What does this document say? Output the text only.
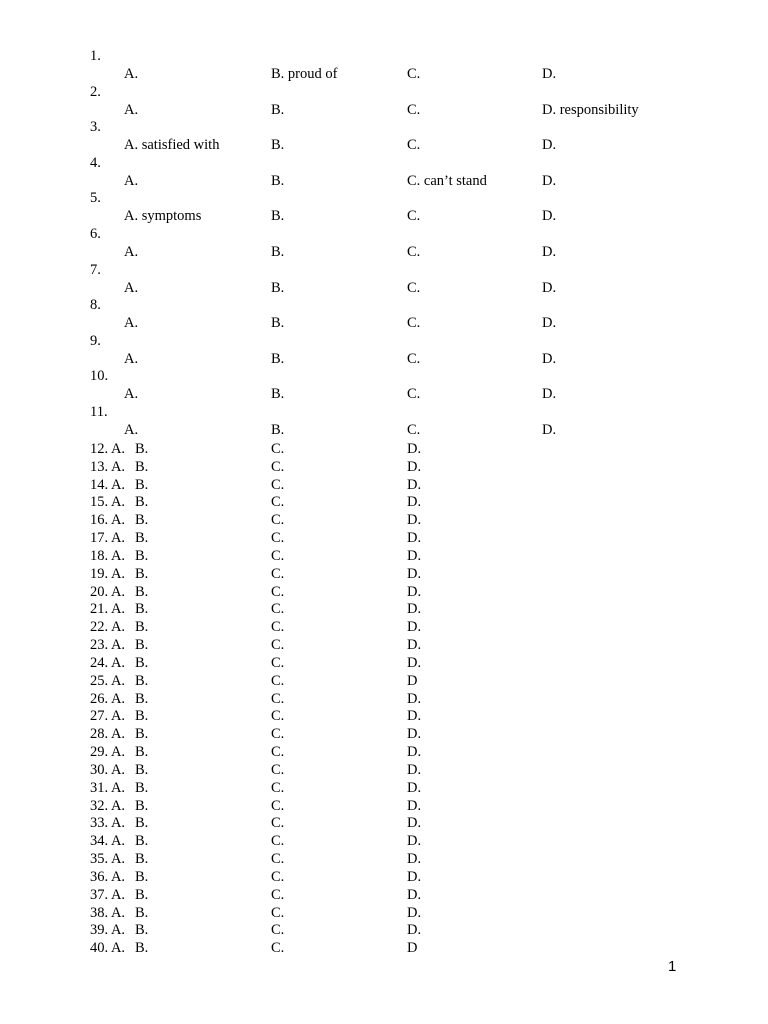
1.
A.	B. proud of	C.	D.
2.
A.	B.	C.	D. responsibility
3.
A. satisfied with	B.	C.	D.
4.
A.	B.	C. can’t stand	D.
5.
A. symptoms	B.	C.	D.
6.
A.	B.	C.	D.
7.
A.	B.	C.	D.
8.
A.	B.	C.	D.
9.
A.	B.	C.	D.
10.
A.	B.	C.	D.
11.
A.	B.	C.	D.
12. A. B.	C.	D.
13. A. B.	C.	D.
14. A. B.	C.	D.
15. A. B.	C.	D.
16. A. B.	C.	D.
17. A. B.	C.	D.
18. A. B.	C.	D.
19. A. B.	C.	D.
20. A. B.	C.	D.
21. A. B.	C.	D.
22. A. B.	C.	D.
23. A. B.	C.	D.
24. A. B.	C.	D.
25. A. B.	C.	D
26. A. B.	C.	D.
27. A. B.	C.	D.
28. A. B.	C.	D.
29. A. B.	C.	D.
30. A. B.	C.	D.
31. A. B.	C.	D.
32. A. B.	C.	D.
33. A. B.	C.	D.
34. A. B.	C.	D.
35. A. B.	C.	D.
36. A. B.	C.	D.
37. A. B.	C.	D.
38. A. B.	C.	D.
39. A. B.	C.	D.
40. A. B.	C.	D
1
